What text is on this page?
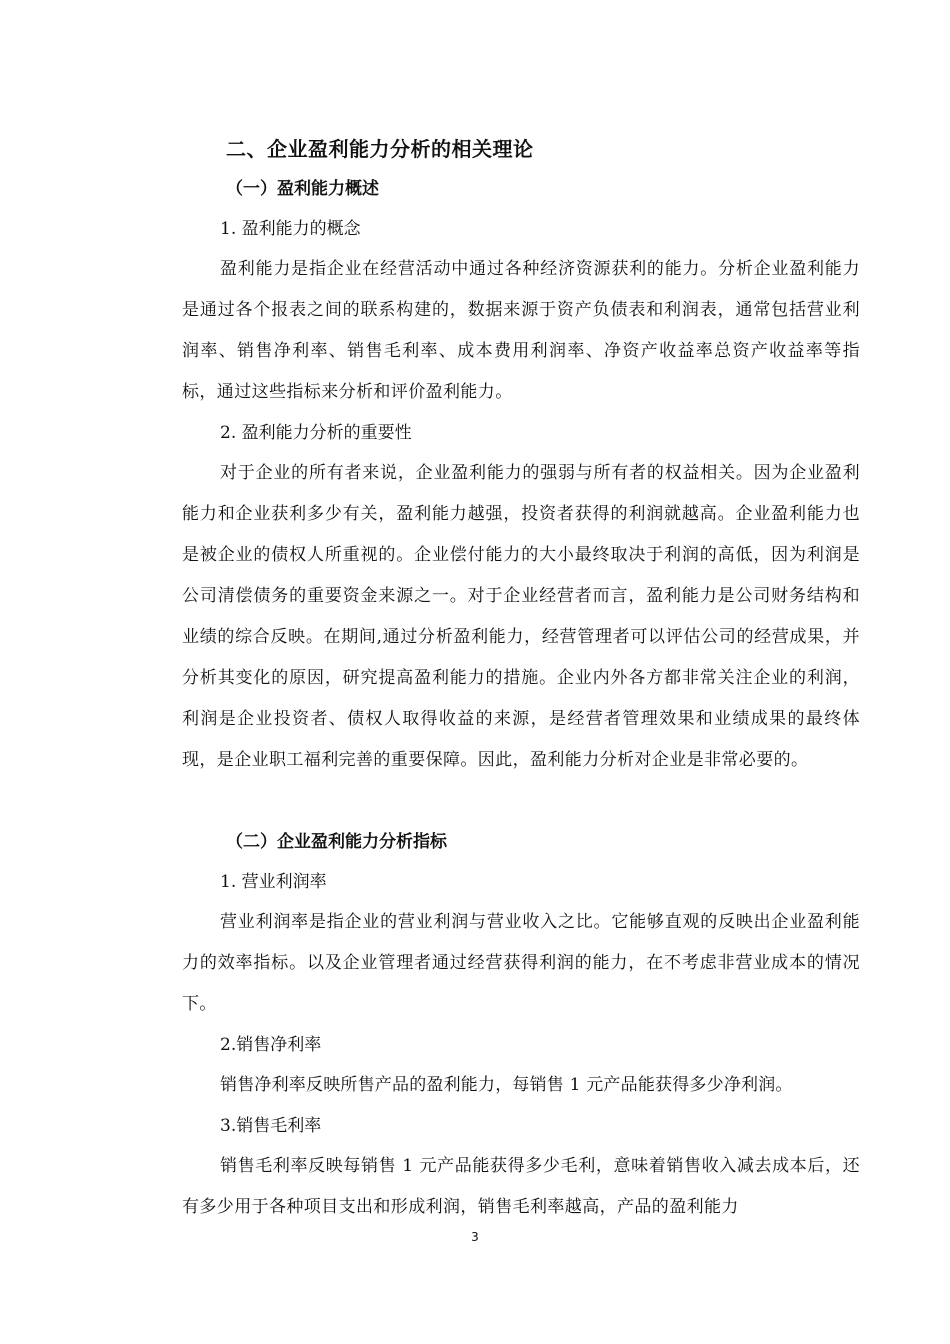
二、企业盈利能力分析的相关理论
（一）盈利能力概述
1. 盈利能力的概念

盈利能力是指企业在经营活动中通过各种经济资源获利的能力。分析企业盈利能力是通过各个报表之间的联系构建的，数据来源于资产负债表和利润表，通常包括营业利润率、销售净利率、销售毛利率、成本费用利润率、净资产收益率总资产收益率等指标，通过这些指标来分析和评价盈利能力。

2. 盈利能力分析的重要性

对于企业的所有者来说，企业盈利能力的强弱与所有者的权益相关。因为企业盈利能力和企业获利多少有关，盈利能力越强，投资者获得的利润就越高。企业盈利能力也是被企业的债权人所重视的。企业偿付能力的大小最终取决于利润的高低，因为利润是公司清偿债务的重要资金来源之一。对于企业经营者而言，盈利能力是公司财务结构和业绩的综合反映。在期间,通过分析盈利能力，经营管理者可以评估公司的经营成果，并分析其变化的原因，研究提高盈利能力的措施。企业内外各方都非常关注企业的利润，利润是企业投资者、债权人取得收益的来源，是经营者管理效果和业绩成果的最终体现，是企业职工福利完善的重要保障。因此，盈利能力分析对企业是非常必要的。

（二）企业盈利能力分析指标
1. 营业利润率

营业利润率是指企业的营业利润与营业收入之比。它能够直观的反映出企业盈利能力的效率指标。以及企业管理者通过经营获得利润的能力，在不考虑非营业成本的情况下。

2.销售净利率

销售净利率反映所售产品的盈利能力，每销售 1 元产品能获得多少净利润。

3.销售毛利率

销售毛利率反映每销售 1 元产品能获得多少毛利，意味着销售收入减去成本后，还有多少用于各种项目支出和形成利润，销售毛利率越高，产品的盈利能力

3
